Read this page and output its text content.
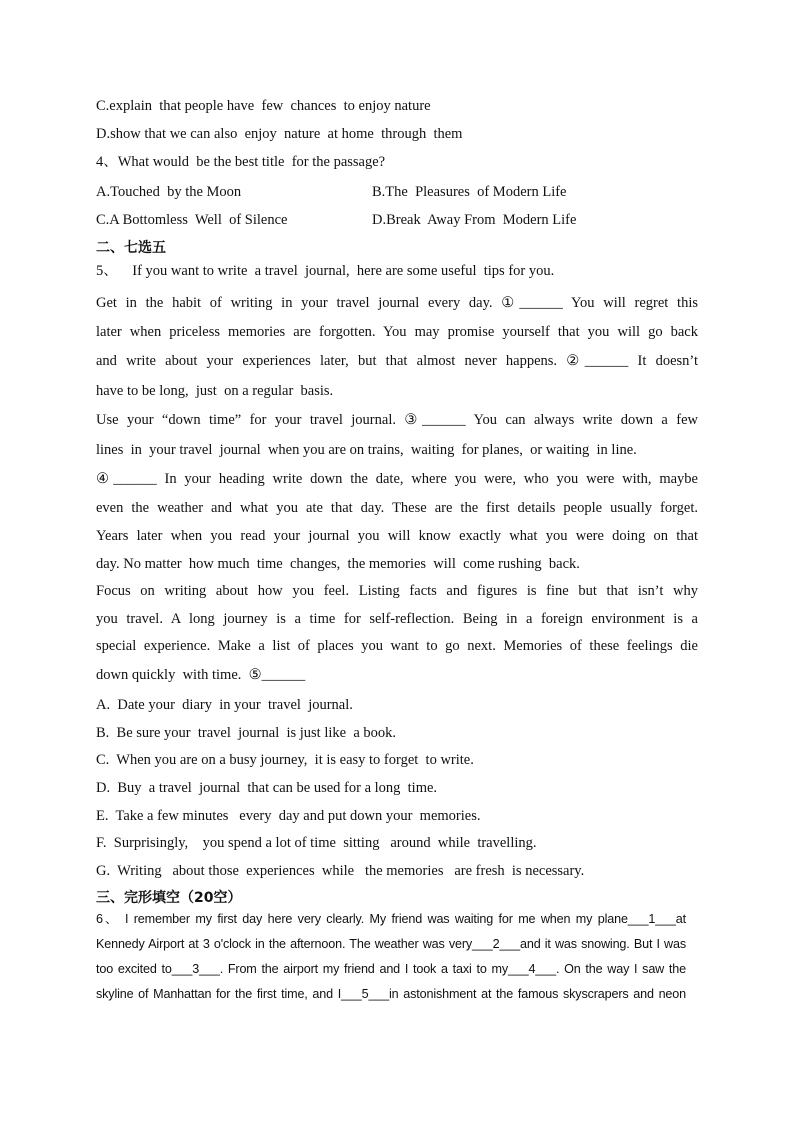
C.explain  that people have  few  chances  to enjoy nature
D.show that we can also  enjoy  nature  at home  through  them
4、What would  be the best title  for the passage?
A.Touched  by the Moon	B.The  Pleasures  of Modern Life
C.A Bottomless  Well  of Silence	D.Break  Away From  Modern Life
二、七选五
5、    If you want to write  a travel  journal,  here are some useful  tips for you.
Get in the habit of writing in your travel journal every day. ①______ You will regret this
later when priceless memories are forgotten. You may promise yourself that you will go back
and write about your experiences later, but that almost never happens. ②______ It doesn’t
have to be long,  just  on a regular  basis.
Use your “down time” for your travel journal. ③______ You can always write down a few
lines  in  your travel  journal  when you are on trains,  waiting  for planes,  or waiting  in line.
④______ In your heading write down the date, where you were, who you were with, maybe
even the weather and what you ate that day. These are the first details people usually forget.
Years later when you read your journal you will know exactly what you were doing on that
day. No matter  how much  time  changes,  the memories  will  come rushing  back.
Focus on writing about how you feel. Listing facts and figures is fine but that isn’t why
you travel. A long journey is a time for self-reflection. Being in a foreign environment is a
special experience. Make a list of places you want to go next. Memories of these feelings die
down quickly  with time.  ⑤______
A.  Date your  diary  in your  travel  journal.
B.  Be sure your  travel  journal  is just like  a book.
C.  When you are on a busy journey,  it is easy to forget  to write.
D.  Buy  a travel  journal  that can be used for a long  time.
E.  Take a few minutes   every  day and put down your  memories.
F.  Surprisingly,    you spend a lot of time  sitting   around  while  travelling.
G.  Writing   about those  experiences  while   the memories   are fresh  is necessary.
三、完形填空（20空）
6、 I remember my first day here very clearly. My friend was waiting for me when my plane___1___at
Kennedy Airport at 3 o'clock in the afternoon. The weather was very___2___and it was snowing. But I was
too excited to___3___. From the airport my friend and I took a taxi to my___4___. On the way I saw the
skyline of Manhattan for the first time, and I___5___in astonishment at the famous skyscrapers and neon
